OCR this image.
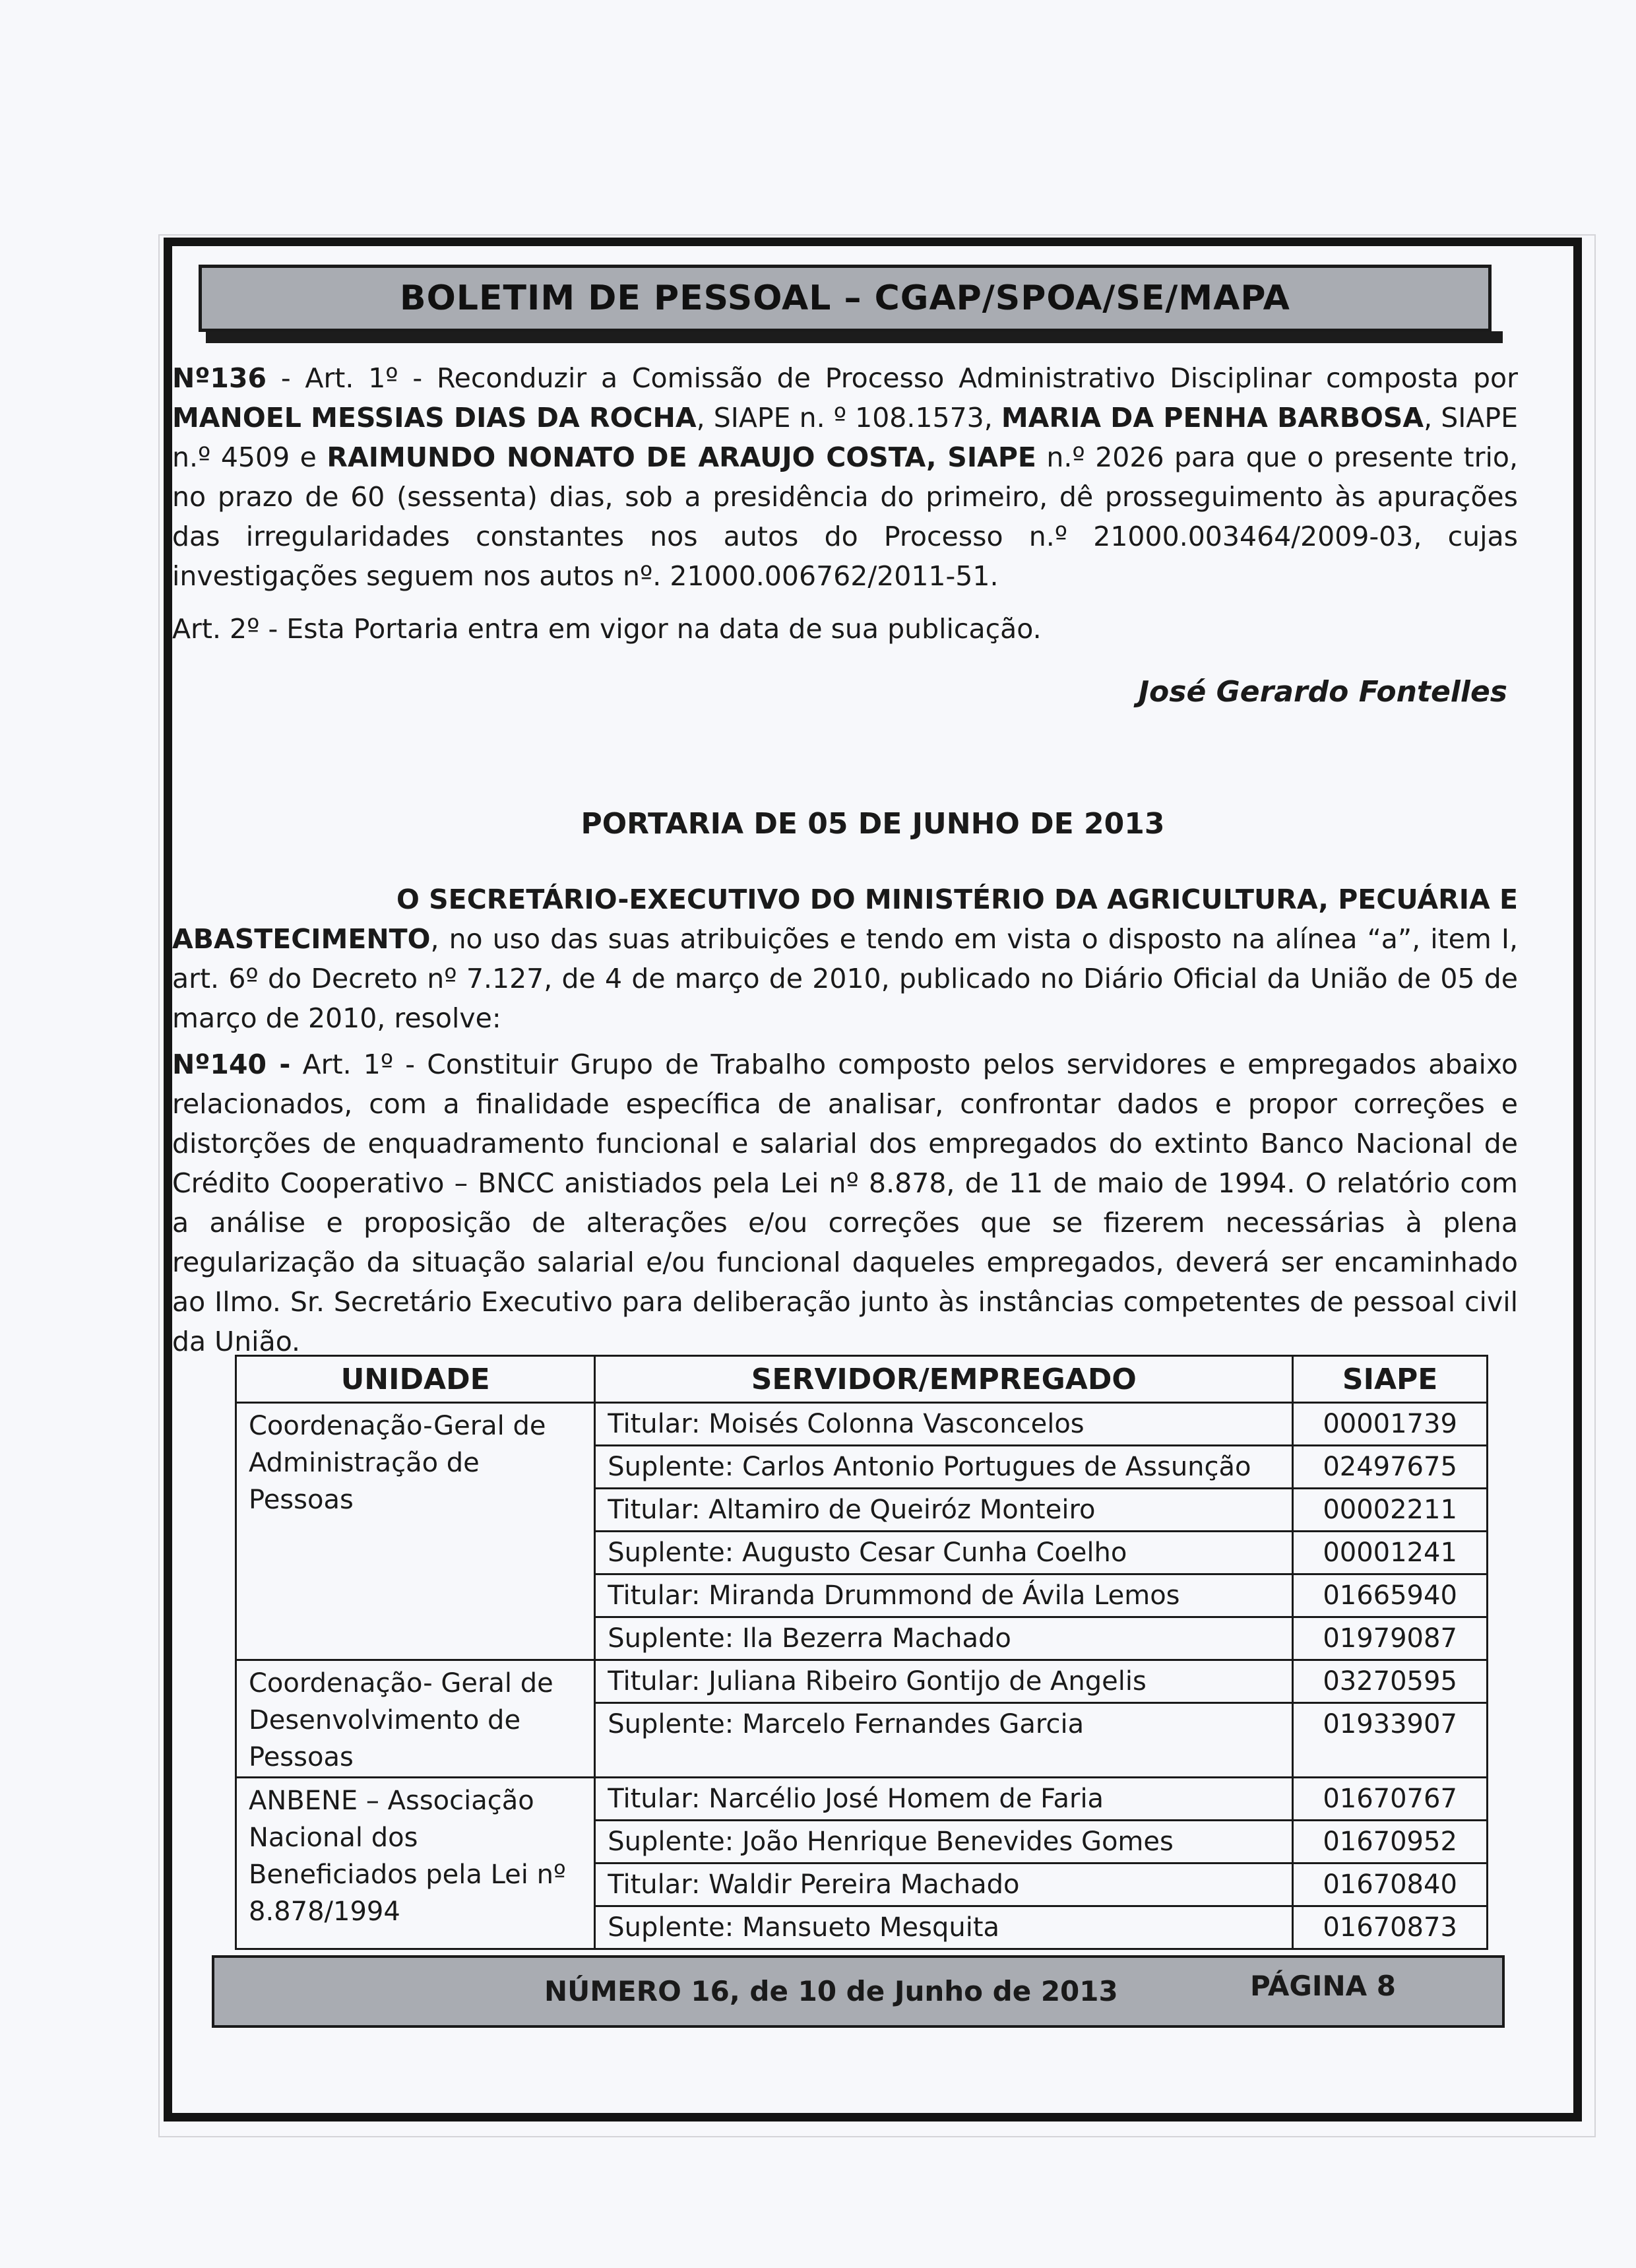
BOLETIM DE PESSOAL – CGAP/SPOA/SE/MAPA
Nº136 - Art. 1º - Reconduzir a Comissão de Processo Administrativo Disciplinar composta por MANOEL MESSIAS DIAS DA ROCHA, SIAPE n. º 108.1573, MARIA DA PENHA BARBOSA, SIAPE n.º 4509 e RAIMUNDO NONATO DE ARAUJO COSTA, SIAPE n.º 2026 para que o presente trio, no prazo de 60 (sessenta) dias, sob a presidência do primeiro, dê prosseguimento às apurações das irregularidades constantes nos autos do Processo n.º 21000.003464/2009-03, cujas investigações seguem nos autos nº. 21000.006762/2011-51.
Art. 2º - Esta Portaria entra em vigor na data de sua publicação.
José Gerardo Fontelles
PORTARIA DE 05 DE JUNHO DE 2013
O SECRETÁRIO-EXECUTIVO DO MINISTÉRIO DA AGRICULTURA, PECUÁRIA E ABASTECIMENTO, no uso das suas atribuições e tendo em vista o disposto na alínea “a”, item I, art. 6º do Decreto nº 7.127, de 4 de março de 2010, publicado no Diário Oficial da União de 05 de março de 2010, resolve:
Nº140 - Art. 1º - Constituir Grupo de Trabalho composto pelos servidores e empregados abaixo relacionados, com a finalidade específica de analisar, confrontar dados e propor correções e distorções de enquadramento funcional e salarial dos empregados do extinto Banco Nacional de Crédito Cooperativo – BNCC anistiados pela Lei nº 8.878, de 11 de maio de 1994. O relatório com a análise e proposição de alterações e/ou correções que se fizerem necessárias à plena regularização da situação salarial e/ou funcional daqueles empregados, deverá ser encaminhado ao Ilmo. Sr. Secretário Executivo para deliberação junto às instâncias competentes de pessoal civil da União.
UNIDADE	SERVIDOR/EMPREGADO	SIAPE
Coordenação-Geral de Administração de Pessoas	Titular: Moisés Colonna Vasconcelos	00001739
	Suplente: Carlos Antonio Portugues de Assunção	02497675
	Titular: Altamiro de Queiróz Monteiro	00002211
	Suplente: Augusto Cesar Cunha Coelho	00001241
	Titular: Miranda Drummond de Ávila Lemos	01665940
	Suplente: Ila Bezerra Machado	01979087
Coordenação- Geral de Desenvolvimento de Pessoas	Titular: Juliana Ribeiro Gontijo de Angelis	03270595
	Suplente: Marcelo Fernandes Garcia	01933907
ANBENE – Associação Nacional dos Beneficiados pela Lei nº 8.878/1994	Titular: Narcélio José Homem de Faria	01670767
	Suplente: João Henrique Benevides Gomes	01670952
	Titular: Waldir Pereira Machado	01670840
	Suplente: Mansueto Mesquita	01670873
NÚMERO 16, de 10 de Junho de 2013	PÁGINA 8
